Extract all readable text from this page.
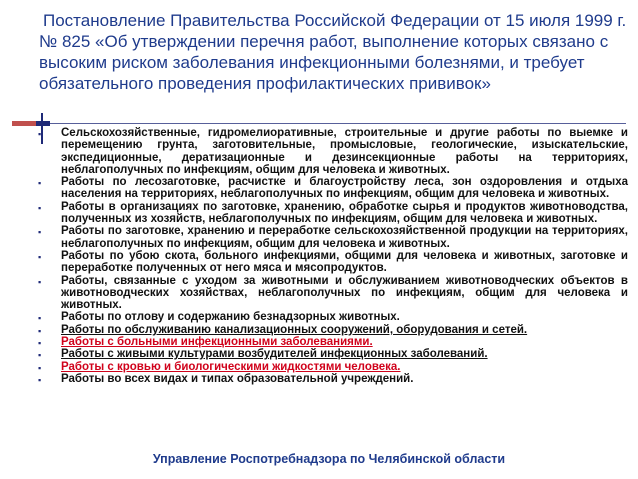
Постановление Правительства Российской Федерации от 15 июля 1999 г. № 825 «Об утверждении перечня работ, выполнение которых связано с высоким риском заболевания инфекционными болезнями, и требует обязательного проведения профилактических прививок»

▪ Сельскохозяйственные, гидромелиоративные, строительные и другие работы по выемке и перемещению грунта, заготовительные, промысловые, геологические, изыскательские, экспедиционные, дератизационные и дезинсекционные работы на территориях, неблагополучных по инфекциям, общим для человека и животных.
▪ Работы по лесозаготовке, расчистке и благоустройству леса, зон оздоровления и отдыха населения на территориях, неблагополучных по инфекциям, общим для человека и животных.
▪ Работы в организациях по заготовке, хранению, обработке сырья и продуктов животноводства, полученных из хозяйств, неблагополучных по инфекциям, общим для человека и животных.
▪ Работы по заготовке, хранению и переработке сельскохозяйственной продукции на территориях, неблагополучных по инфекциям, общим для человека и животных.
▪ Работы по убою скота, больного инфекциями, общими для человека и животных, заготовке и переработке полученных от него мяса и мясопродуктов.
▪ Работы, связанные с уходом за животными и обслуживанием животноводческих объектов в животноводческих хозяйствах, неблагополучных по инфекциям, общим для человека и животных.
▪ Работы по отлову и содержанию безнадзорных животных.
▪ Работы по обслуживанию канализационных сооружений, оборудования и сетей.
▪ Работы с больными инфекционными заболеваниями.
▪ Работы с живыми культурами возбудителей инфекционных заболеваний.
▪ Работы с кровью и биологическими жидкостями человека.
▪ Работы во всех видах и типах образовательной учреждений.

Управление Роспотребнадзора по Челябинской области
